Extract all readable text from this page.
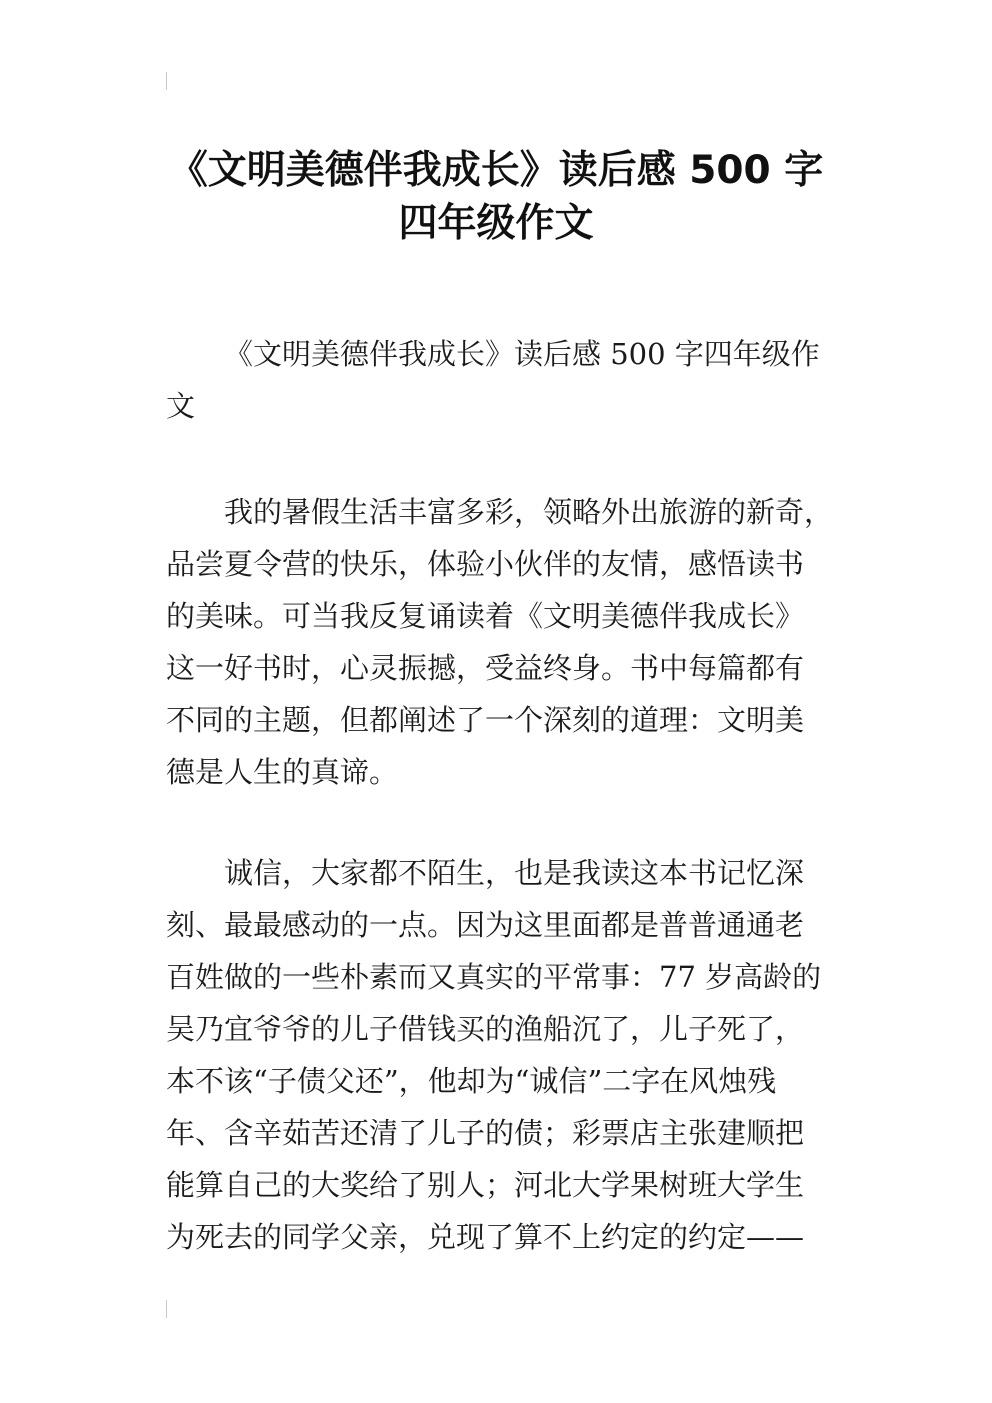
《文明美德伴我成长》读后感 500 字
四年级作文
《文明美德伴我成长》读后感 500 字四年级作
文
我的暑假生活丰富多彩，领略外出旅游的新奇，
品尝夏令营的快乐，体验小伙伴的友情，感悟读书
的美味。可当我反复诵读着《文明美德伴我成长》
这一好书时，心灵振撼，受益终身。书中每篇都有
不同的主题，但都阐述了一个深刻的道理：文明美
德是人生的真谛。
诚信，大家都不陌生，也是我读这本书记忆深
刻、最最感动的一点。因为这里面都是普普通通老
百姓做的一些朴素而又真实的平常事：77 岁高龄的
吴乃宜爷爷的儿子借钱买的渔船沉了，儿子死了，
本不该“子债父还”，他却为“诚信”二字在风烛残
年、含辛茹苦还清了儿子的债；彩票店主张建顺把
能算自己的大奖给了别人；河北大学果树班大学生
为死去的同学父亲，兑现了算不上约定的约定——
